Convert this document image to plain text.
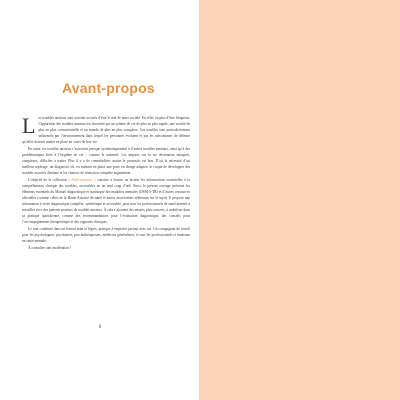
Avant-propos

Les troubles anxieux sont souvent accusés d’être le mal de notre société. En effet, en plus d’être fréquents, l’apparition des troubles anxieux est favorisée par un rythme de vie de plus en plus rapide, une société de plus en plus concurrentielle et un monde de plus en plus complexe. Ces troubles sont particulièrement influencés par l’environnement dans lequel les personnes évoluent et par les mécanismes de défense qu’elles doivent mettre en place au cours de leur vie.

En outre, les troubles anxieux s’associent presque systématiquement à d’autres troubles mentaux, ainsi qu’à des problématiques liées à l’hygiène de vie – comme le sommeil. Les impacts sur la vie deviennent intriqués, complexes, difficiles à traiter. Plus il y a de comorbidités, moins le pronostic est bon. D’où la nécessité d’un meilleur repérage, un diagnostic tôt, en mettant en place une prise en charge adaptée, le risque de développer des troubles associés diminue et les chances de rémission complète augmentent.

L’objectif de la collection « Aide-mémoire » consiste à fournir au lecteur les informations essentielles à la compréhension clinique des troubles, accessibles en un seul coup d’œil. Ainsi, le présent ouvrage présente les éléments essentiels du Manuel diagnostique et statistique des maladies mentales (DSM-5-TR) et d’autres ressources officielles (comme celles de la Haute Autorité de santé et autres associations référentes sur le sujet). Il propose une information à visée diagnostique complète, synthétique et accessible, pour tous les professionnels de santé amenés à travailler avec des patients porteurs de troubles anxieux. À cela s’ajoutent des encarts plus concrets, à mobiliser dans sa pratique quotidienne, comme des recommandations pour l’évaluation diagnostique, des conseils pour l’accompagnement thérapeutique et des vignettes cliniques.

Le tout condensé dans un format mini et légers, pratique à emporter partout avec soi. Un compagnon de travail pour les psychologues, psychiatres, psychothérapeutes, médecins généralistes, et tous les professionnels et étudiants en santé mentale.

À consulter sans modération !

9
